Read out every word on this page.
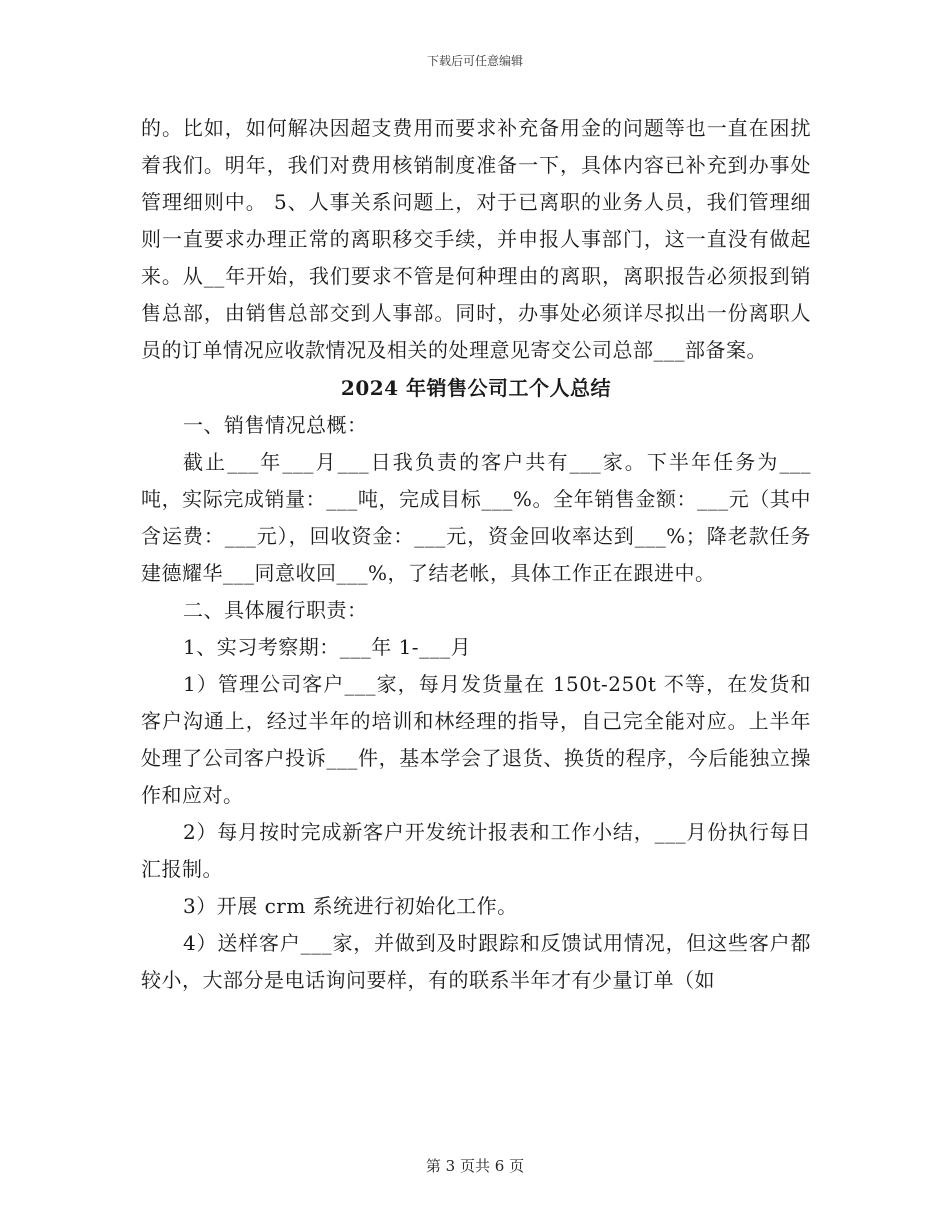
下载后可任意编辑

的。比如，如何解决因超支费用而要求补充备用金的问题等也一直在困扰着我们。明年，我们对费用核销制度准备一下，具体内容已补充到办事处管理细则中。 5、人事关系问题上，对于已离职的业务人员，我们管理细则一直要求办理正常的离职移交手续，并申报人事部门，这一直没有做起来。从__年开始，我们要求不管是何种理由的离职，离职报告必须报到销售总部，由销售总部交到人事部。同时，办事处必须详尽拟出一份离职人员的订单情况应收款情况及相关的处理意见寄交公司总部___部备案。

2024 年销售公司工个人总结

一、销售情况总概：

截止___年___月___日我负责的客户共有___家。下半年任务为___吨，实际完成销量：___吨，完成目标___%。全年销售金额：___元（其中含运费：___元），回收资金：___元，资金回收率达到___%；降老款任务建德耀华___同意收回___%，了结老帐，具体工作正在跟进中。

二、具体履行职责：

1、实习考察期：___年 1-___月

1）管理公司客户___家，每月发货量在 150t-250t 不等，在发货和客户沟通上，经过半年的培训和林经理的指导，自己完全能对应。上半年处理了公司客户投诉___件，基本学会了退货、换货的程序，今后能独立操作和应对。

2）每月按时完成新客户开发统计报表和工作小结，___月份执行每日汇报制。

3）开展 crm 系统进行初始化工作。

4）送样客户___家，并做到及时跟踪和反馈试用情况，但这些客户都较小，大部分是电话询问要样，有的联系半年才有少量订单（如

第 3 页共 6 页
